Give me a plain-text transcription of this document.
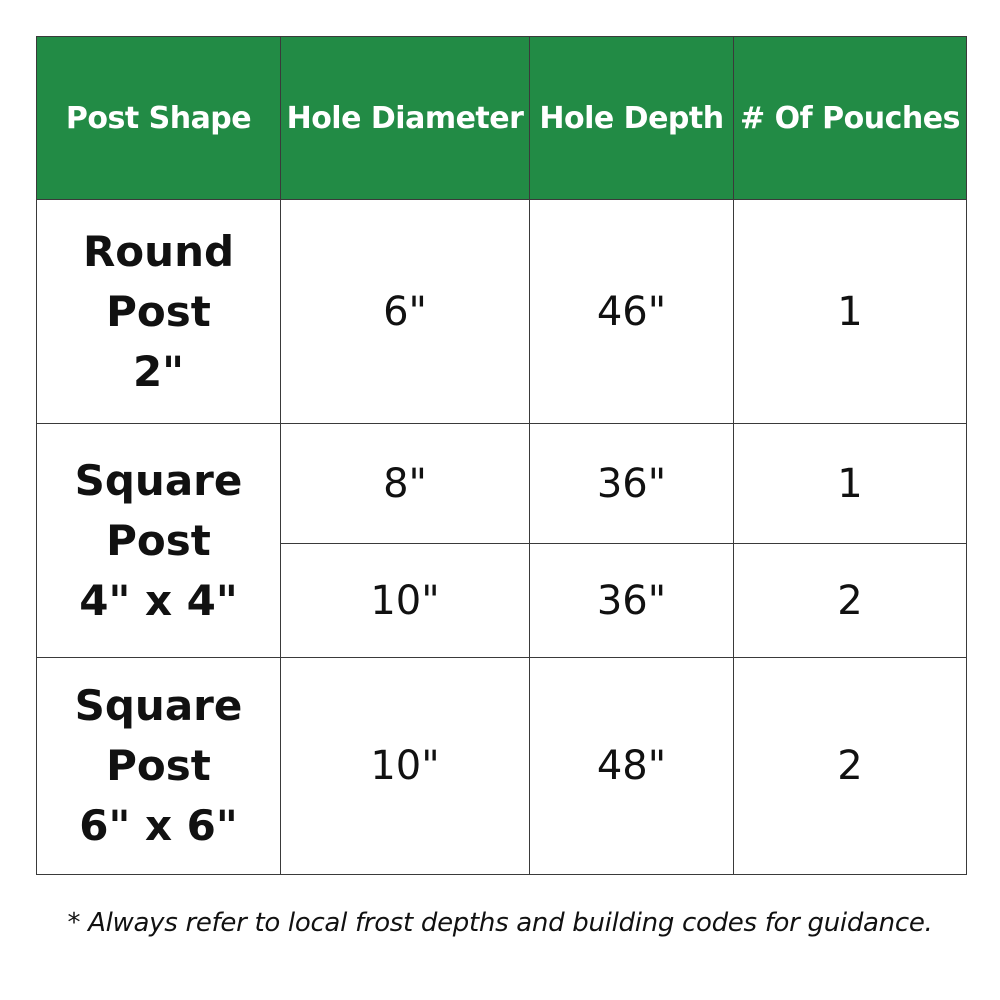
Post Shape	Hole Diameter	Hole Depth	# Of Pouches

Round
Post
2"	6"	46"	1

Square
Post
4" x 4"	8"	36"	1
	10"	36"	2

Square
Post
6" x 6"	10"	48"	2
* Always refer to local frost depths and building codes for guidance.
